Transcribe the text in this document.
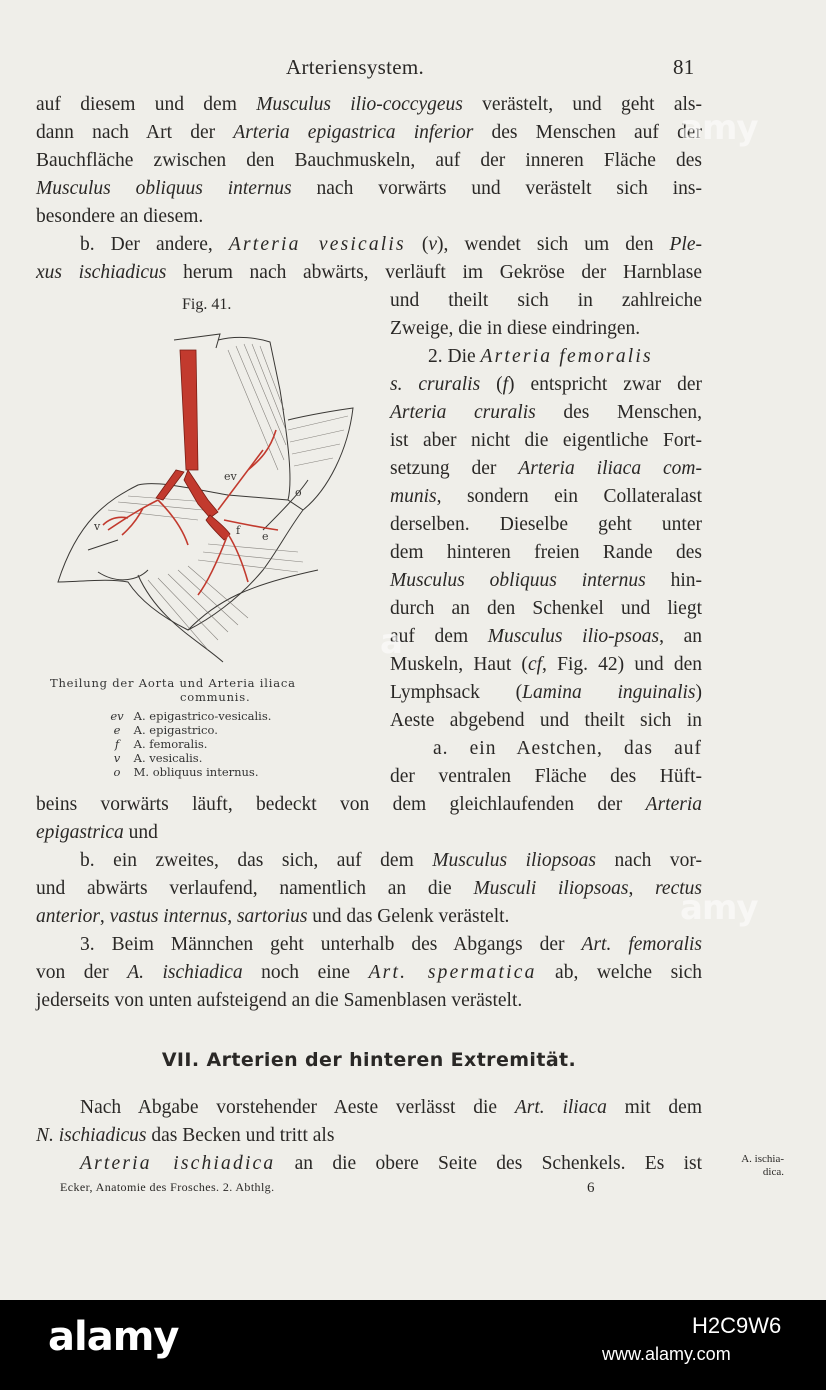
Arteriensystem.	81
auf diesem und dem Musculus ilio-coccygeus verästelt, und geht als-
dann nach Art der Arteria epigastrica inferior des Menschen auf der
Bauchfläche zwischen den Bauchmuskeln, auf der inneren Fläche des
Musculus obliquus internus nach vorwärts und verästelt sich ins-
besondere an diesem.
b. Der andere, Arteria vesicalis (v), wendet sich um den Ple-
xus ischiadicus herum nach abwärts, verläuft im Gekröse der Harnblase
und theilt sich in zahlreiche
Zweige, die in diese eindringen.
2. Die Arteria femoralis
s. cruralis (f) entspricht zwar der
Arteria cruralis des Menschen,
ist aber nicht die eigentliche Fort-
setzung der Arteria iliaca com-
munis, sondern ein Collateralast
derselben. Dieselbe geht unter
dem hinteren freien Rande des
Musculus obliquus internus hin-
durch an den Schenkel und liegt
auf dem Musculus ilio-psoas, an
Muskeln, Haut (cf, Fig. 42) und den
Lymphsack (Lamina inguinalis)
Aeste abgebend und theilt sich in
a. ein Aestchen, das auf
der ventralen Fläche des Hüft-
beins vorwärts läuft, bedeckt von dem gleichlaufenden der Arteria
epigastrica und
b. ein zweites, das sich, auf dem Musculus iliopsoas nach vor-
und abwärts verlaufend, namentlich an die Musculi iliopsoas, rectus
anterior, vastus internus, sartorius und das Gelenk verästelt.
3. Beim Männchen geht unterhalb des Abgangs der Art. femoralis
von der A. ischiadica noch eine Art. spermatica ab, welche sich
jederseits von unten aufsteigend an die Samenblasen verästelt.
VII. Arterien der hinteren Extremität.
Nach Abgabe vorstehender Aeste verlässt die Art. iliaca mit dem
N. ischiadicus das Becken und tritt als
Arteria ischiadica an die obere Seite des Schenkels. Es ist	A. ischia-
dica.
Ecker, Anatomie des Frosches. 2. Abthlg.	6
Fig. 41.
ev
e
f
v
o
Theilung der Aorta und Arteria iliaca
communis.
ev A. epigastrico-vesicalis.
e A. epigastrico.
f A. femoralis.
v A. vesicalis.
o M. obliquus internus.
a
amy
amy
alamy	H2C9W6
www.alamy.com
